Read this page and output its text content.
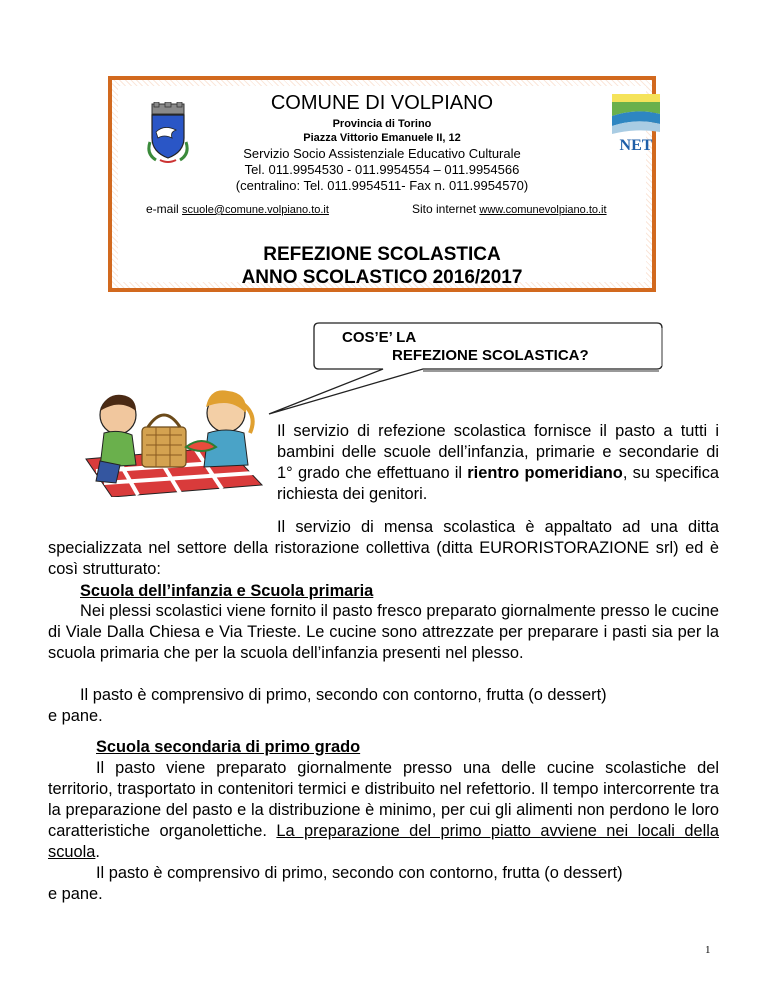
COMUNE DI VOLPIANO
Provincia di Torino
Piazza Vittorio Emanuele II, 12
Servizio Socio Assistenziale Educativo Culturale
Tel. 011.9954530 - 011.9954554 – 011.9954566
(centralino: Tel. 011.9954511- Fax n. 011.9954570)
e-mail scuole@comune.volpiano.to.it	Sito internet www.comunevolpiano.to.it
REFEZIONE SCOLASTICA
ANNO SCOLASTICO 2016/2017
NET
COS’E’ LA
REFEZIONE SCOLASTICA?
Il servizio di refezione scolastica fornisce il pasto a tutti i bambini delle scuole dell’infanzia, primarie e secondarie di 1° grado che effettuano il rientro pomeridiano, su specifica richiesta dei genitori.
Il servizio di mensa scolastica è appaltato ad una ditta specializzata nel settore della ristorazione collettiva (ditta EURORISTORAZIONE srl) ed è così strutturato:
Scuola dell’infanzia e Scuola primaria
Nei plessi scolastici viene fornito il pasto fresco preparato giornalmente presso le cucine di Viale Dalla Chiesa e Via Trieste. Le cucine sono attrezzate per preparare i pasti sia per la scuola primaria che per la scuola dell’infanzia presenti nel plesso.
Il pasto è comprensivo di primo, secondo con contorno, frutta (o dessert)
e pane.
Scuola secondaria di primo grado
Il pasto viene preparato giornalmente presso una delle cucine scolastiche del territorio, trasportato in contenitori termici e distribuito nel refettorio. Il tempo intercorrente tra la preparazione del pasto e la distribuzione è minimo, per cui gli alimenti non perdono le loro caratteristiche organolettiche. La preparazione del primo piatto avviene nei locali della scuola.
Il pasto è comprensivo di primo, secondo con contorno, frutta (o dessert)
e pane.
1
